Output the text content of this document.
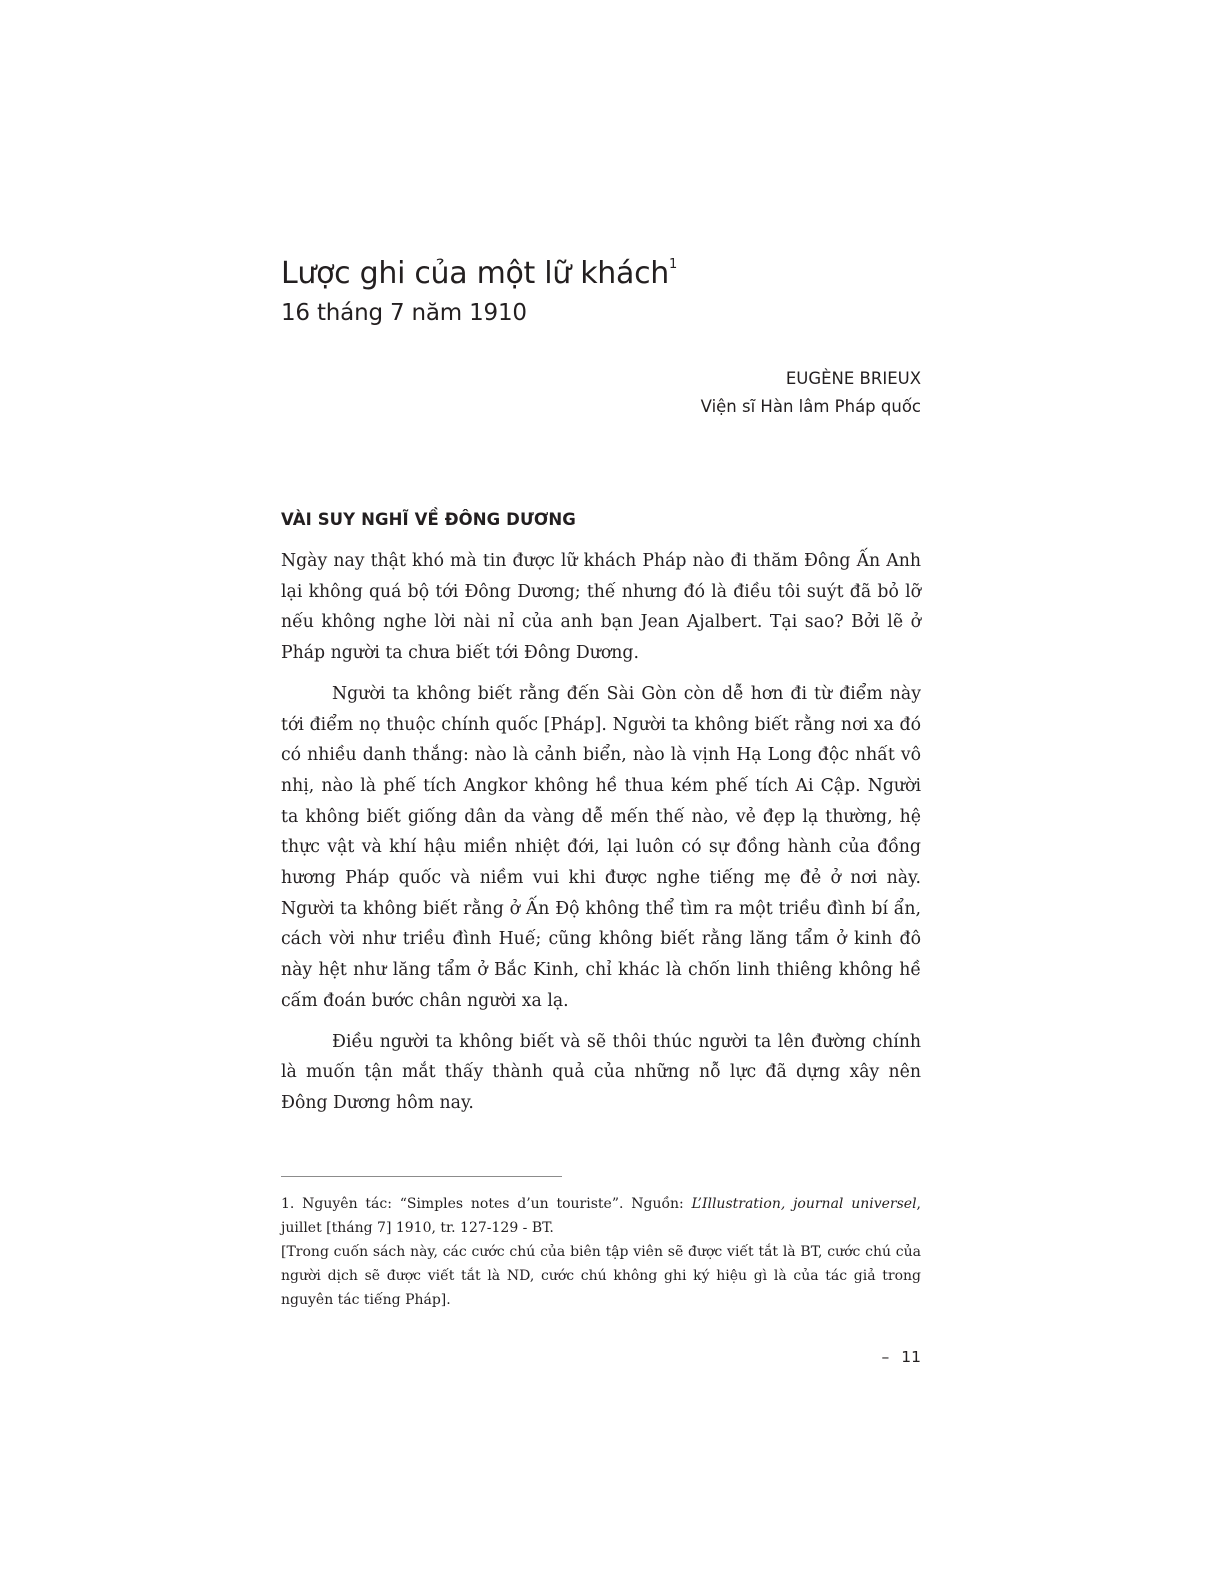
Lược ghi của một lữ khách$^1$
16 tháng 7 năm 1910
EUGÈNE BRIEUX
Viện sĩ Hàn lâm Pháp quốc
VÀI SUY NGHĨ VỀ ĐÔNG DƯƠNG

Ngày nay thật khó mà tin được lữ khách Pháp nào đi thăm Đông Ấn Anh lại không quá bộ tới Đông Dương; thế nhưng đó là điều tôi suýt đã bỏ lỡ nếu không nghe lời nài nỉ của anh bạn Jean Ajalbert. Tại sao? Bởi lẽ ở Pháp người ta chưa biết tới Đông Dương.

Người ta không biết rằng đến Sài Gòn còn dễ hơn đi từ điểm này tới điểm nọ thuộc chính quốc [Pháp]. Người ta không biết rằng nơi xa đó có nhiều danh thắng: nào là cảnh biển, nào là vịnh Hạ Long độc nhất vô nhị, nào là phế tích Angkor không hề thua kém phế tích Ai Cập. Người ta không biết giống dân da vàng dễ mến thế nào, vẻ đẹp lạ thường, hệ thực vật và khí hậu miền nhiệt đới, lại luôn có sự đồng hành của đồng hương Pháp quốc và niềm vui khi được nghe tiếng mẹ đẻ ở nơi này. Người ta không biết rằng ở Ấn Độ không thể tìm ra một triều đình bí ẩn, cách vời như triều đình Huế; cũng không biết rằng lăng tẩm ở kinh đô này hệt như lăng tẩm ở Bắc Kinh, chỉ khác là chốn linh thiêng không hề cấm đoán bước chân người xa lạ.

Điều người ta không biết và sẽ thôi thúc người ta lên đường chính là muốn tận mắt thấy thành quả của những nỗ lực đã dựng xây nên Đông Dương hôm nay.

1. Nguyên tác: “Simples notes d’un touriste”. Nguồn: L’Illustration, journal universel, juillet [tháng 7] 1910, tr. 127-129 - BT.

[Trong cuốn sách này, các cước chú của biên tập viên sẽ được viết tắt là BT, cước chú của người dịch sẽ được viết tắt là ND, cước chú không ghi ký hiệu gì là của tác giả trong nguyên tác tiếng Pháp].

– 11
